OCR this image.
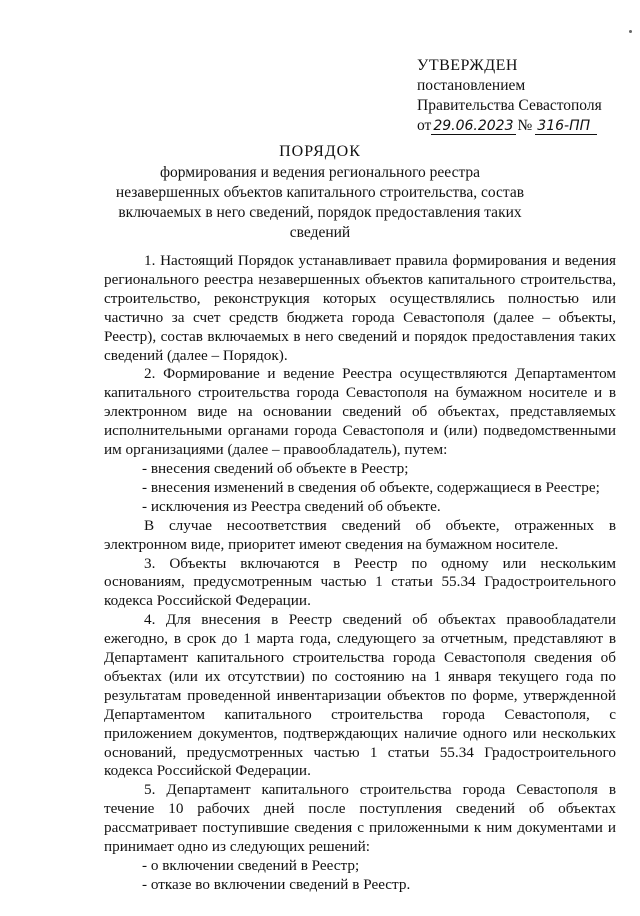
УТВЕРЖДЕН
постановлением
Правительства Севастополя
от 29.06.2023 № 316-ПП
ПОРЯДОК
формирования и ведения регионального реестра незавершенных объектов капитального строительства, состав включаемых в него сведений, порядок предоставления таких сведений

1. Настоящий Порядок устанавливает правила формирования и ведения регионального реестра незавершенных объектов капитального строительства, строительство, реконструкция которых осуществлялись полностью или частично за счет средств бюджета города Севастополя (далее – объекты, Реестр), состав включаемых в него сведений и порядок предоставления таких сведений (далее – Порядок).

2. Формирование и ведение Реестра осуществляются Департаментом капитального строительства города Севастополя на бумажном носителе и в электронном виде на основании сведений об объектах, представляемых исполнительными органами города Севастополя и (или) подведомственными им организациями (далее – правообладатель), путем:

- внесения сведений об объекте в Реестр;

- внесения изменений в сведения об объекте, содержащиеся в Реестре;

- исключения из Реестра сведений об объекте.

В случае несоответствия сведений об объекте, отраженных в электронном виде, приоритет имеют сведения на бумажном носителе.

3. Объекты включаются в Реестр по одному или нескольким основаниям, предусмотренным частью 1 статьи 55.34 Градостроительного кодекса Российской Федерации.

4. Для внесения в Реестр сведений об объектах правообладатели ежегодно, в срок до 1 марта года, следующего за отчетным, представляют в Департамент капитального строительства города Севастополя сведения об объектах (или их отсутствии) по состоянию на 1 января текущего года по результатам проведенной инвентаризации объектов по форме, утвержденной Департаментом капитального строительства города Севастополя, с приложением документов, подтверждающих наличие одного или нескольких оснований, предусмотренных частью 1 статьи 55.34 Градостроительного кодекса Российской Федерации.

5. Департамент капитального строительства города Севастополя в течение 10 рабочих дней после поступления сведений об объектах рассматривает поступившие сведения с приложенными к ним документами и принимает одно из следующих решений:

- о включении сведений в Реестр;

- отказе во включении сведений в Реестр.
